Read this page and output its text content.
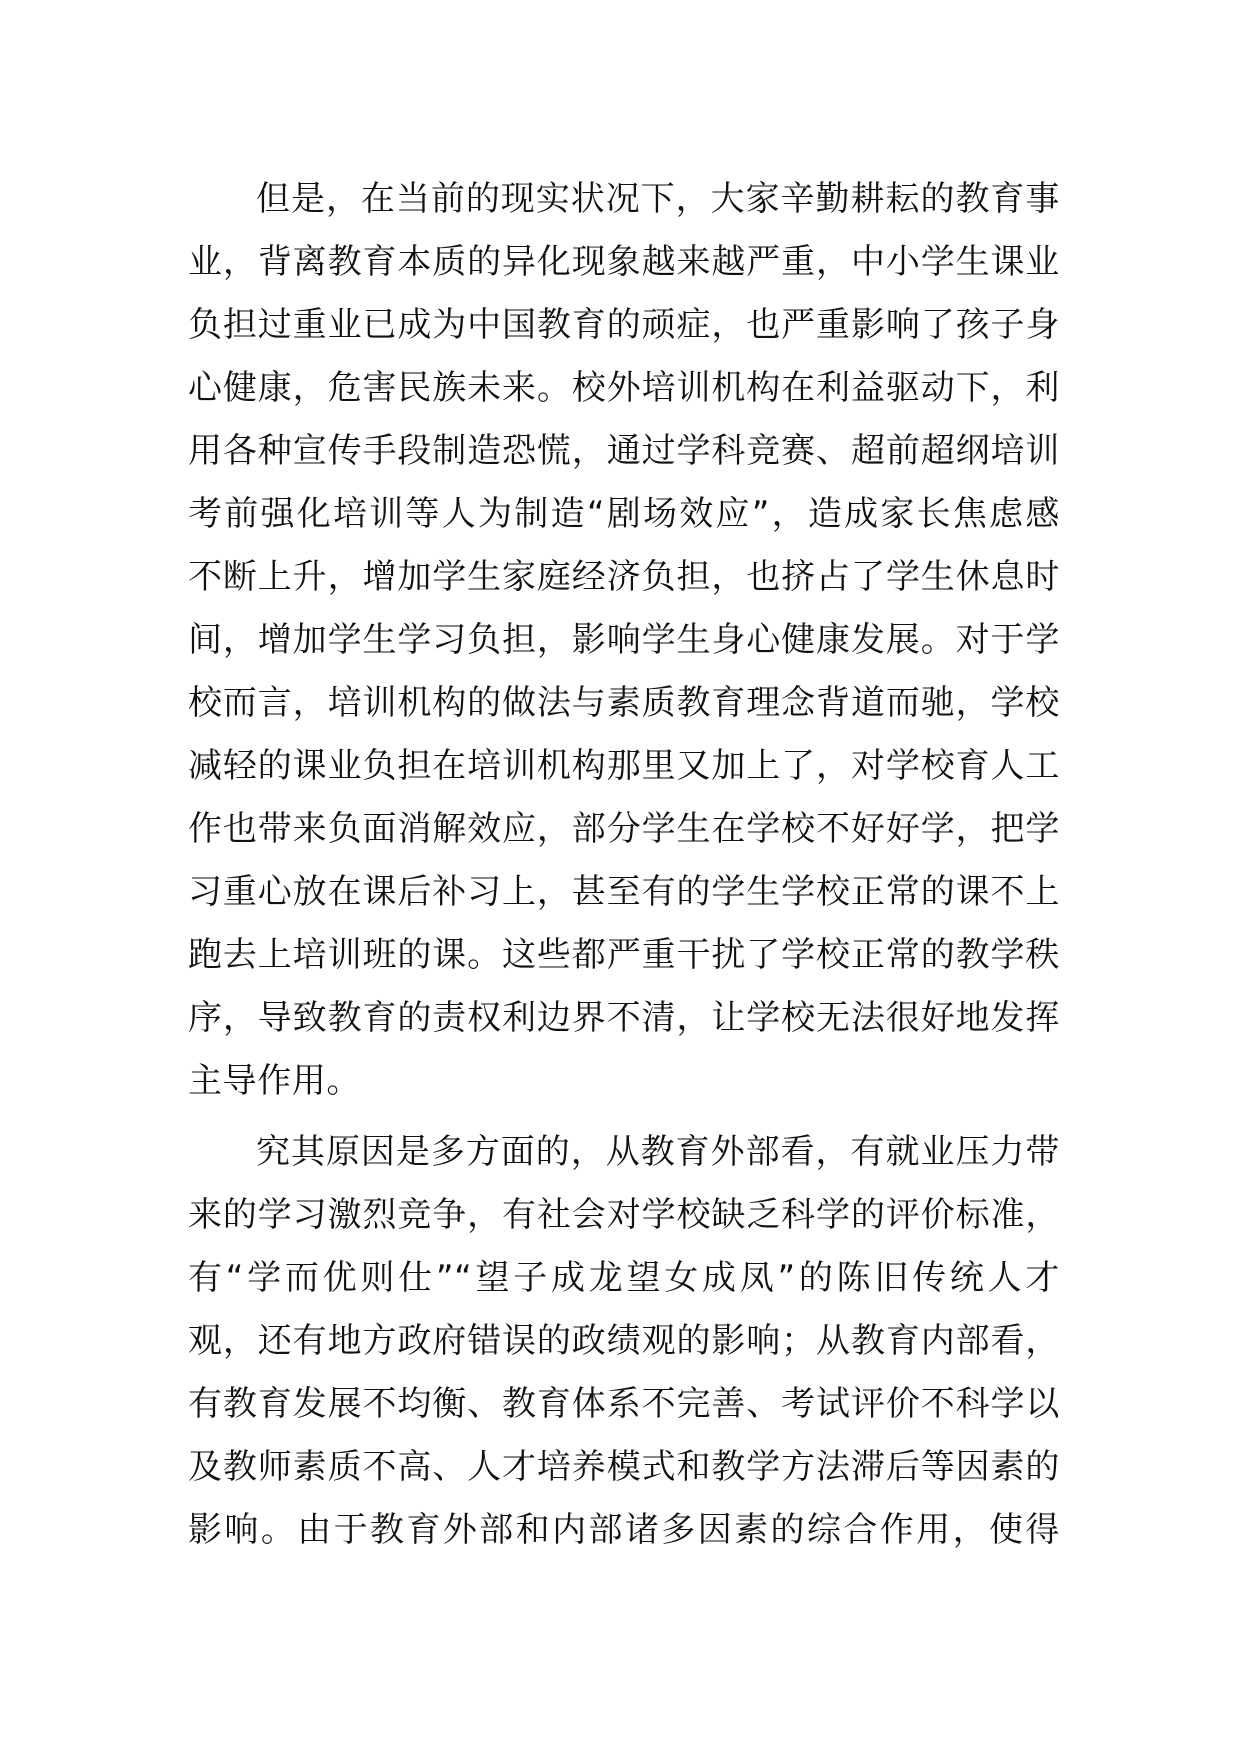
但是，在当前的现实状况下，大家辛勤耕耘的教育事
业，背离教育本质的异化现象越来越严重，中小学生课业
负担过重业已成为中国教育的顽症，也严重影响了孩子身
心健康，危害民族未来。校外培训机构在利益驱动下，利
用各种宣传手段制造恐慌，通过学科竞赛、超前超纲培训
考前强化培训等人为制造“剧场效应”，造成家长焦虑感
不断上升，增加学生家庭经济负担，也挤占了学生休息时
间，增加学生学习负担，影响学生身心健康发展。对于学
校而言，培训机构的做法与素质教育理念背道而驰，学校
减轻的课业负担在培训机构那里又加上了，对学校育人工
作也带来负面消解效应，部分学生在学校不好好学，把学
习重心放在课后补习上，甚至有的学生学校正常的课不上
跑去上培训班的课。这些都严重干扰了学校正常的教学秩
序，导致教育的责权利边界不清，让学校无法很好地发挥
主导作用。
究其原因是多方面的，从教育外部看，有就业压力带
来的学习激烈竞争，有社会对学校缺乏科学的评价标准，
有“学而优则仕”“望子成龙望女成凤”的陈旧传统人才
观，还有地方政府错误的政绩观的影响；从教育内部看，
有教育发展不均衡、教育体系不完善、考试评价不科学以
及教师素质不高、人才培养模式和教学方法滞后等因素的
影响。由于教育外部和内部诸多因素的综合作用，使得
